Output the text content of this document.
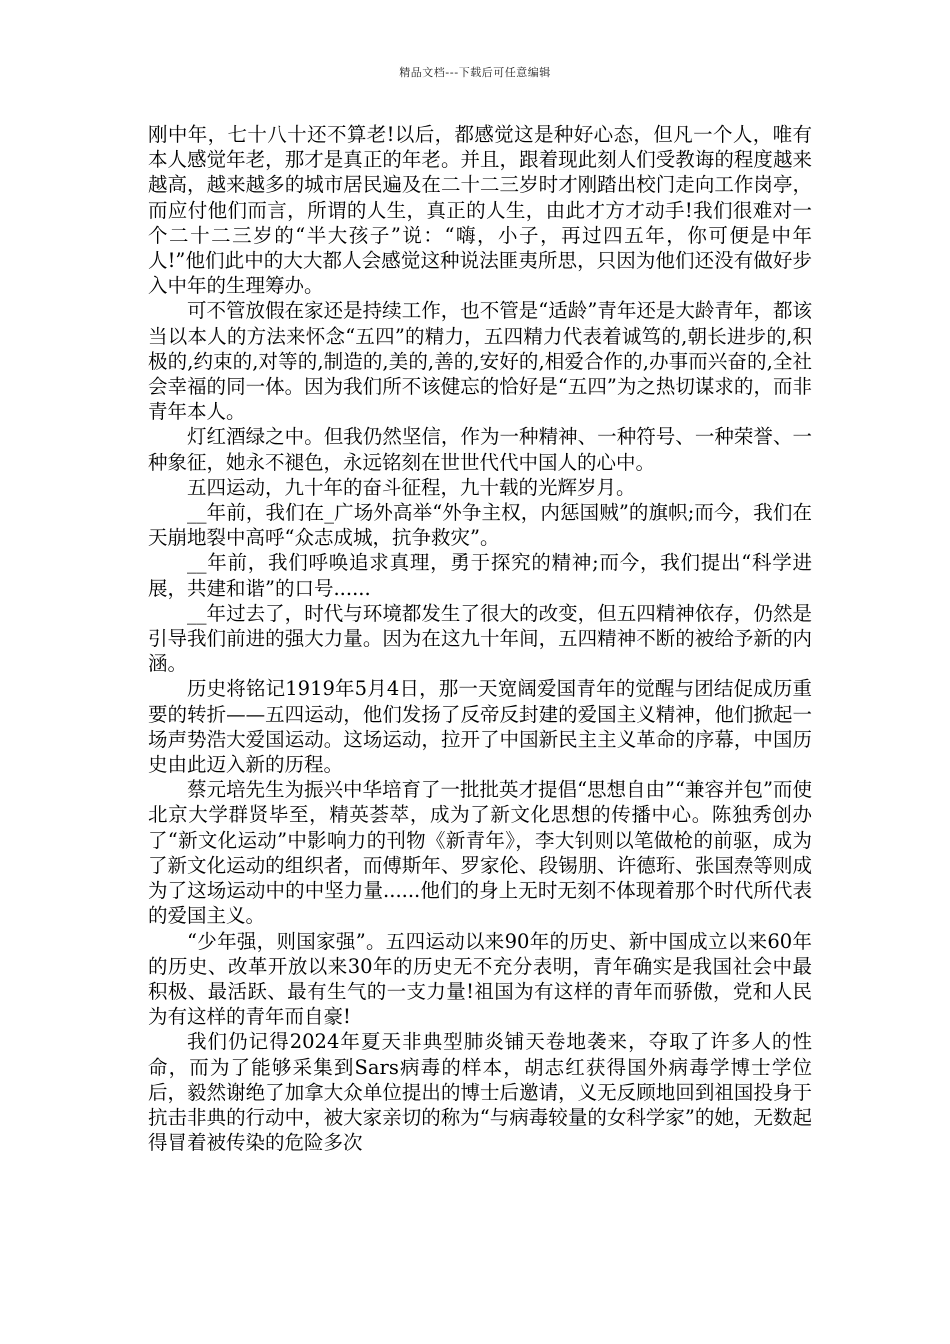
精品文档---下载后可任意编辑

刚中年，七十八十还不算老!以后，都感觉这是种好心态，但凡一个人，唯有本人感觉年老，那才是真正的年老。并且，跟着现此刻人们受教诲的程度越来越高，越来越多的城市居民遍及在二十二三岁时才刚踏出校门走向工作岗亭，而应付他们而言，所谓的人生，真正的人生，由此才方才动手!我们很难对一个二十二三岁的“半大孩子”说：“嗨，小子，再过四五年，你可便是中年人!”他们此中的大大都人会感觉这种说法匪夷所思，只因为他们还没有做好步入中年的生理筹办。

可不管放假在家还是持续工作，也不管是“适龄”青年还是大龄青年，都该当以本人的方法来怀念“五四”的精力，五四精力代表着诚笃的,朝长进步的,积极的,约束的,对等的,制造的,美的,善的,安好的,相爱合作的,办事而兴奋的,全社会幸福的同一体。因为我们所不该健忘的恰好是“五四”为之热切谋求的，而非青年本人。

灯红酒绿之中。但我仍然坚信，作为一种精神、一种符号、一种荣誉、一种象征，她永不褪色，永远铭刻在世世代代中国人的心中。

五四运动，九十年的奋斗征程，九十载的光辉岁月。

__年前，我们在_广场外高举“外争主权，内惩国贼”的旗帜;而今，我们在天崩地裂中高呼“众志成城，抗争救灾”。

__年前，我们呼唤追求真理，勇于探究的精神;而今，我们提出“科学进展，共建和谐”的口号......

__年过去了，时代与环境都发生了很大的改变，但五四精神依存，仍然是引导我们前进的强大力量。因为在这九十年间，五四精神不断的被给予新的内涵。

历史将铭记1919年5月4日，那一天宽阔爱国青年的觉醒与团结促成历重要的转折——五四运动，他们发扬了反帝反封建的爱国主义精神，他们掀起一场声势浩大爱国运动。这场运动，拉开了中国新民主主义革命的序幕，中国历史由此迈入新的历程。

蔡元培先生为振兴中华培育了一批批英才提倡“思想自由”“兼容并包”而使北京大学群贤毕至，精英荟萃，成为了新文化思想的传播中心。陈独秀创办了“新文化运动”中影响力的刊物《新青年》，李大钊则以笔做枪的前驱，成为了新文化运动的组织者，而傅斯年、罗家伦、段锡朋、许德珩、张国焘等则成为了这场运动中的中坚力量......他们的身上无时无刻不体现着那个时代所代表的爱国主义。

“少年强，则国家强”。五四运动以来90年的历史、新中国成立以来60年的历史、改革开放以来30年的历史无不充分表明，青年确实是我国社会中最积极、最活跃、最有生气的一支力量!祖国为有这样的青年而骄傲，党和人民为有这样的青年而自豪!

我们仍记得2024年夏天非典型肺炎铺天卷地袭来，夺取了许多人的性命，而为了能够采集到Sars病毒的样本，胡志红获得国外病毒学博士学位后，毅然谢绝了加拿大众单位提出的博士后邀请，义无反顾地回到祖国投身于抗击非典的行动中，被大家亲切的称为“与病毒较量的女科学家”的她，无数起得冒着被传染的危险多次
